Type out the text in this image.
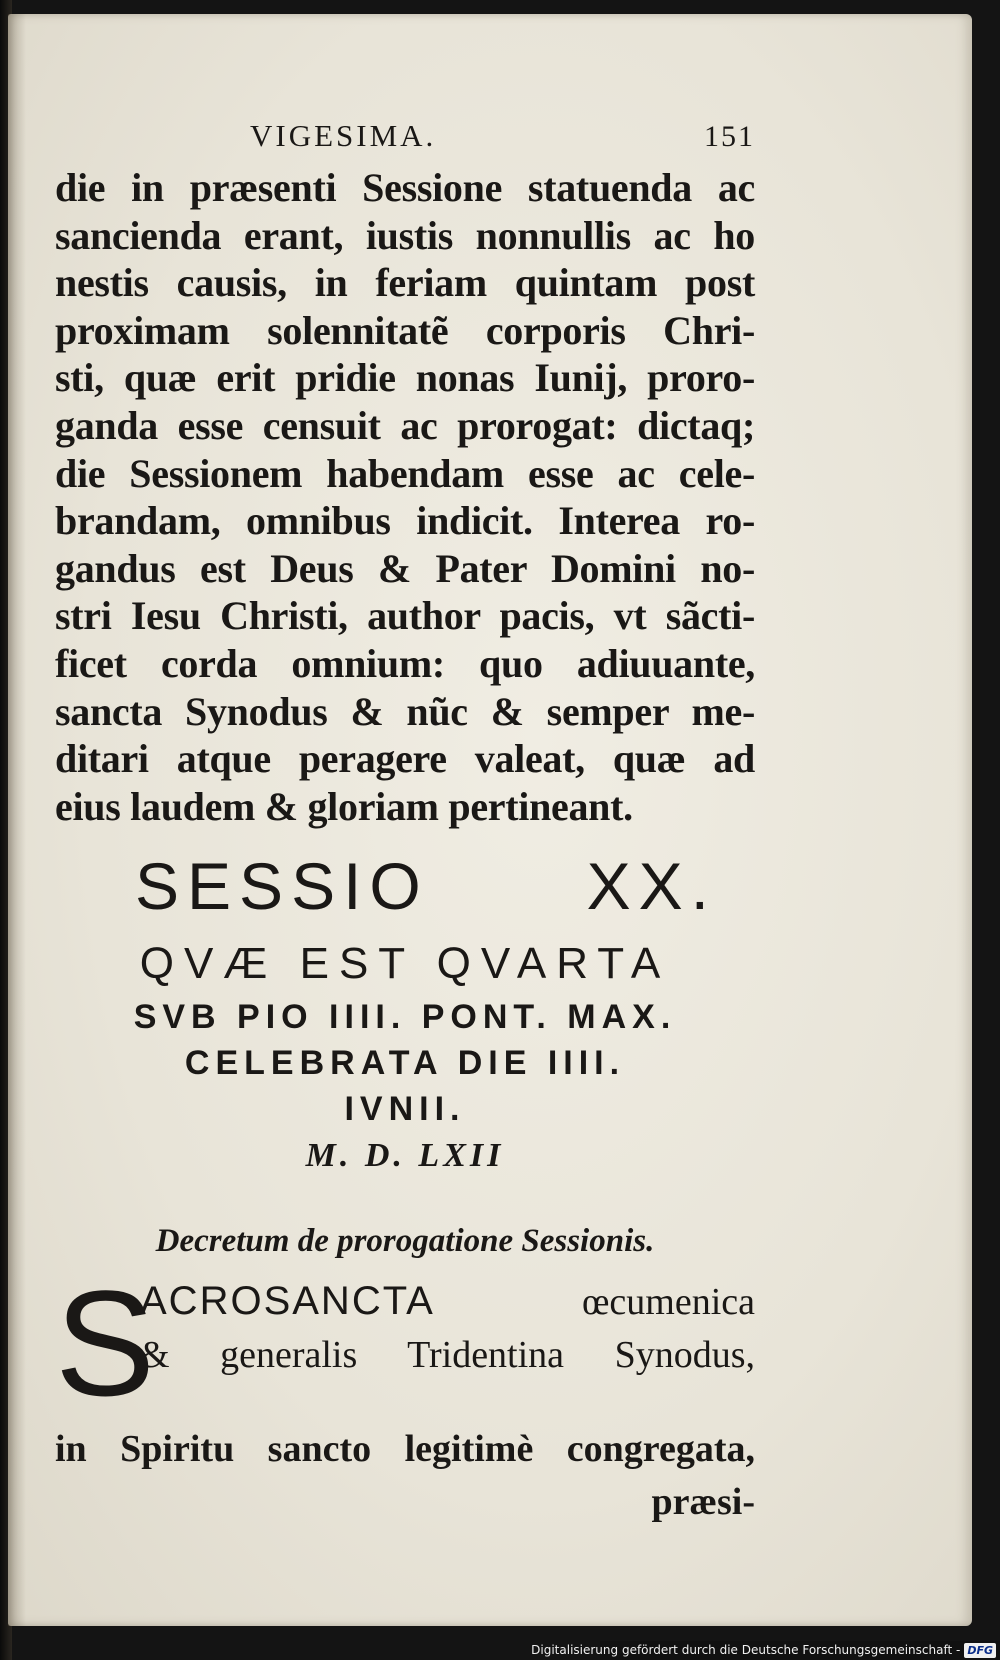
VIGESIMA.	151
die in præsenti Sessione statuenda ac
sancienda erant, iustis nonnullis ac ho
nestis causis, in feriam quintam post
proximam solennitatẽ corporis Chri-
sti, quæ erit pridie nonas Iunij, proro-
ganda esse censuit ac prorogat: dictaq;
die Sessionem habendam esse ac cele-
brandam, omnibus indicit. Interea ro-
gandus est Deus & Pater Domini no-
stri Iesu Christi, author pacis, vt sãcti-
ficet corda omnium: quo adiuuante,
sancta Synodus & nũc & semper me-
ditari atque peragere valeat, quæ ad
eius laudem & gloriam pertineant.
SESSIO XX.
QVÆ EST QVARTA
SVB PIO IIII. PONT. MAX.
CELEBRATA DIE IIII.
IVNII.
M. D. LXII
Decretum de prorogatione Sessionis.
S
ACROSANCTA	œcumenica
& generalis Tridentina Synodus,
in Spiritu sancto legitimè congregata,
præsi-
Digitalisierung gefördert durch die Deutsche Forschungsgemeinschaft - DFG
